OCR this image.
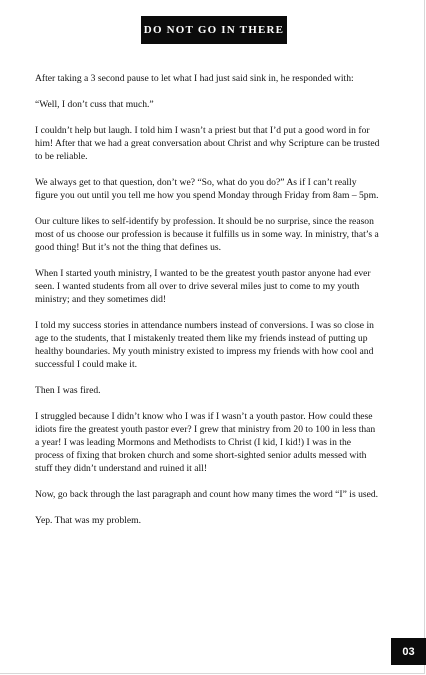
DO NOT GO IN THERE

After taking a 3 second pause to let what I had just said sink in, he responded with:

“Well, I don’t cuss that much.”

I couldn’t help but laugh. I told him I wasn’t a priest but that I’d put a good word in for him! After that we had a great conversation about Christ and why Scripture can be trusted to be reliable.

We always get to that question, don’t we? “So, what do you do?” As if I can’t really figure you out until you tell me how you spend Monday through Friday from 8am – 5pm.

Our culture likes to self-identify by profession. It should be no surprise, since the reason most of us choose our profession is because it fulfills us in some way. In ministry, that’s a good thing! But it’s not the thing that defines us.

When I started youth ministry, I wanted to be the greatest youth pastor anyone had ever seen. I wanted students from all over to drive several miles just to come to my youth ministry; and they sometimes did!

I told my success stories in attendance numbers instead of conversions. I was so close in age to the students, that I mistakenly treated them like my friends instead of putting up healthy boundaries. My youth ministry existed to impress my friends with how cool and successful I could make it.

Then I was fired.

I struggled because I didn’t know who I was if I wasn’t a youth pastor. How could these idiots fire the greatest youth pastor ever? I grew that ministry from 20 to 100 in less than a year! I was leading Mormons and Methodists to Christ (I kid, I kid!) I was in the process of fixing that broken church and some short-sighted senior adults messed with stuff they didn’t understand and ruined it all!

Now, go back through the last paragraph and count how many times the word “I” is used.

Yep. That was my problem.

03
